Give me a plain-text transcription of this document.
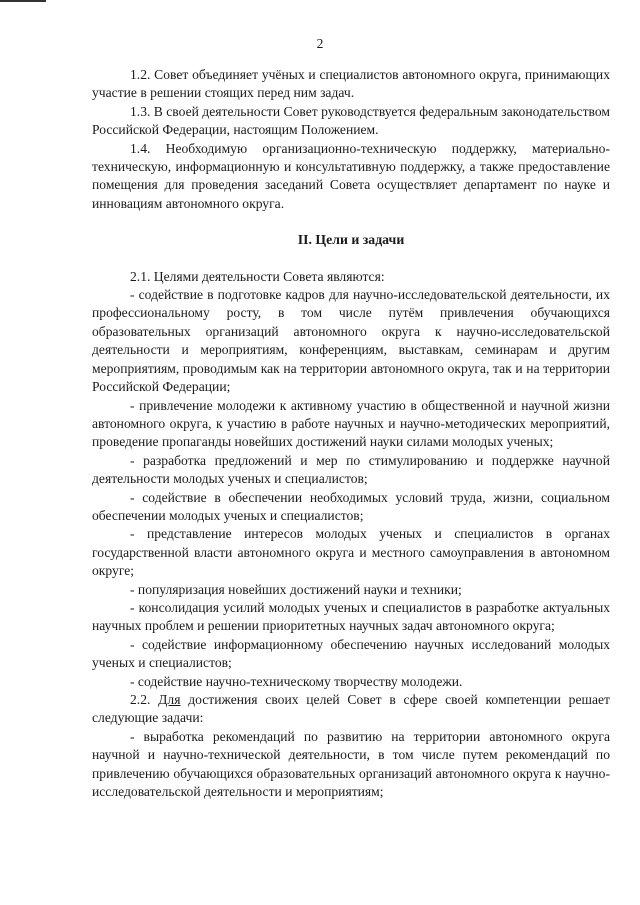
2

1.2. Совет объединяет учёных и специалистов автономного округа, принимающих участие в решении стоящих перед ним задач.

1.3. В своей деятельности Совет руководствуется федеральным законодательством Российской Федерации, настоящим Положением.

1.4. Необходимую организационно-техническую поддержку, материально-техническую, информационную и консультативную поддержку, а также предоставление помещения для проведения заседаний Совета осуществляет департамент по науке и инновациям автономного округа.

II. Цели и задачи

2.1. Целями деятельности Совета являются:

- содействие в подготовке кадров для научно-исследовательской деятельности, их профессиональному росту, в том числе путём привлечения обучающихся образовательных организаций автономного округа к научно-исследовательской деятельности и мероприятиям, конференциям, выставкам, семинарам и другим мероприятиям, проводимым как на территории автономного округа, так и на территории Российской Федерации;

- привлечение молодежи к активному участию в общественной и научной жизни автономного округа, к участию в работе научных и научно-методических мероприятий, проведение пропаганды новейших достижений науки силами молодых ученых;

- разработка предложений и мер по стимулированию и поддержке научной деятельности молодых ученых и специалистов;

- содействие в обеспечении необходимых условий труда, жизни, социальном обеспечении молодых ученых и специалистов;

- представление интересов молодых ученых и специалистов в органах государственной власти автономного округа и местного самоуправления в автономном округе;

- популяризация новейших достижений науки и техники;

- консолидация усилий молодых ученых и специалистов в разработке актуальных научных проблем и решении приоритетных научных задач автономного округа;

- содействие информационному обеспечению научных исследований молодых ученых и специалистов;

- содействие научно-техническому творчеству молодежи.

2.2. Для достижения своих целей Совет в сфере своей компетенции решает следующие задачи:

- выработка рекомендаций по развитию на территории автономного округа научной и научно-технической деятельности, в том числе путем рекомендаций по привлечению обучающихся образовательных организаций автономного округа к научно-исследовательской деятельности и мероприятиям;
